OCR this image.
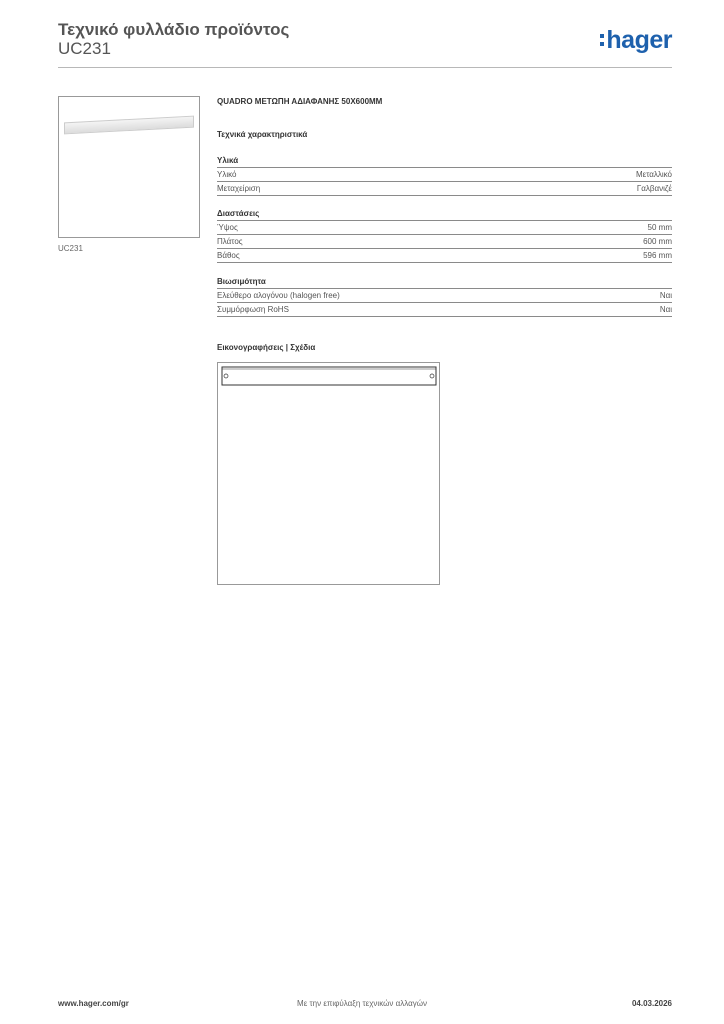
Τεχνικό φυλλάδιο προϊόντος
UC231	hager
UC231
QUADRO ΜΕΤΩΠΗ ΑΔΙΑΦΑΝΗΣ 50X600MM
Τεχνικά χαρακτηριστικά
Υλικά
Υλικό	Μεταλλικό
Μεταχείριση	Γαλβανιζέ
Διαστάσεις
Ύψος	50 mm
Πλάτος	600 mm
Βάθος	596 mm
Βιωσιμότητα
Ελεύθερο αλογόνου (halogen free)	Ναι
Συμμόρφωση RoHS	Ναι
Εικονογραφήσεις | Σχέδια
www.hager.com/gr	Με την επιφύλαξη τεχνικών αλλαγών	04.03.2026
